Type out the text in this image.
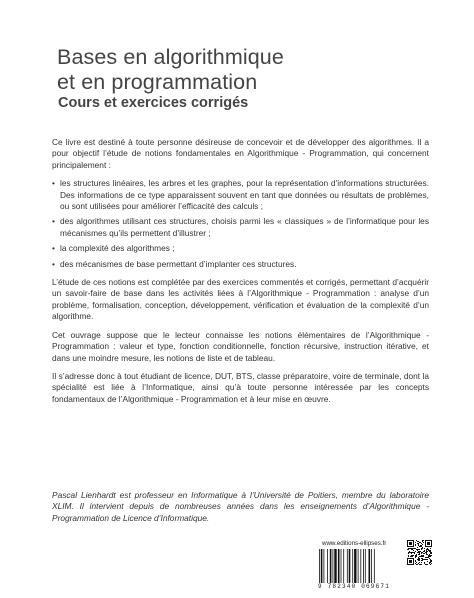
Bases en algorithmique
et en programmation
Cours et exercices corrigés

Ce livre est destiné à toute personne désireuse de concevoir et de développer des algorithmes. Il a pour objectif l’étude de notions fondamentales en Algorithmique - Programmation, qui concernent principalement :

• les structures linéaires, les arbres et les graphes, pour la représentation d’informations structurées. Des informations de ce type apparaissent souvent en tant que données ou résultats de problèmes, ou sont utilisées pour améliorer l’efficacité des calculs ;
• des algorithmes utilisant ces structures, choisis parmi les « classiques » de l’informatique pour les mécanismes qu’ils permettent d’illustrer ;
• la complexité des algorithmes ;
• des mécanismes de base permettant d’implanter ces structures.

L’étude de ces notions est complétée par des exercices commentés et corrigés, permettant d’acquérir un savoir-faire de base dans les activités liées à l’Algorithmique - Programmation : analyse d’un problème, formalisation, conception, développement, vérification et évaluation de la complexité d’un algorithme.

Cet ouvrage suppose que le lecteur connaisse les notions élémentaires de l’Algorithmique - Programmation : valeur et type, fonction conditionnelle, fonction récursive, instruction itérative, et dans une moindre mesure, les notions de liste et de tableau.

Il s’adresse donc à tout étudiant de licence, DUT, BTS, classe préparatoire, voire de terminale, dont la spécialité est liée à l’Informatique, ainsi qu’à toute personne intéressée par les concepts fondamentaux de l’Algorithmique - Programmation et à leur mise en œuvre.

Pascal Lienhardt est professeur en Informatique à l’Université de Poitiers, membre du laboratoire XLIM. Il intervient depuis de nombreuses années dans les enseignements d’Algorithmique - Programmation de Licence d’Informatique.

www.editions-ellipses.fr
9 782340 069671
